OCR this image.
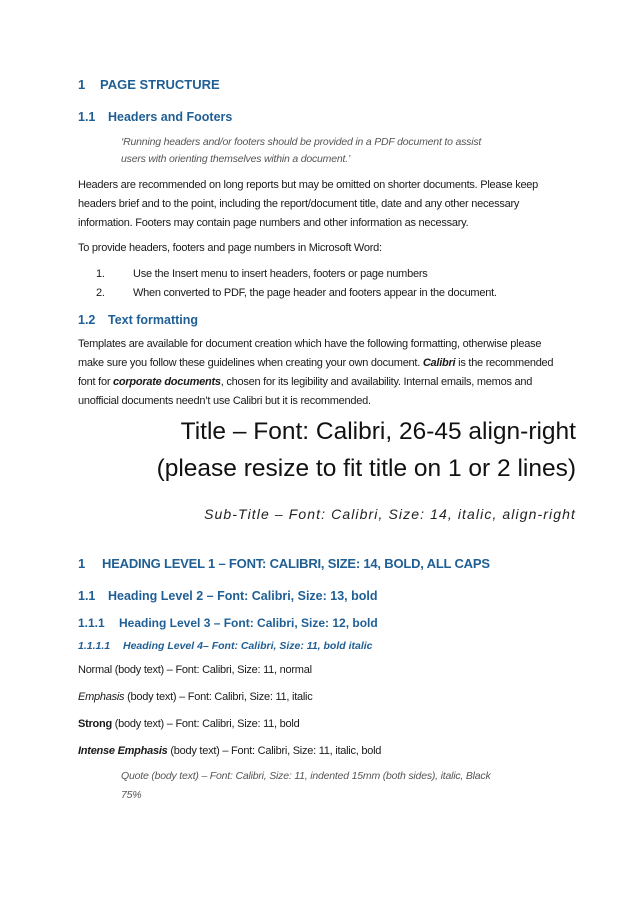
1 PAGE STRUCTURE
1.1 Headers and Footers
‘Running headers and/or footers should be provided in a PDF document to assist
users with orienting themselves within a document.’
Headers are recommended on long reports but may be omitted on shorter documents. Please keep
headers brief and to the point, including the report/document title, date and any other necessary
information. Footers may contain page numbers and other information as necessary.
To provide headers, footers and page numbers in Microsoft Word:
1.	Use the Insert menu to insert headers, footers or page numbers
2.	When converted to PDF, the page header and footers appear in the document.
1.2 Text formatting
Templates are available for document creation which have the following formatting, otherwise please
make sure you follow these guidelines when creating your own document. Calibri is the recommended
font for corporate documents, chosen for its legibility and availability. Internal emails, memos and
unofficial documents needn’t use Calibri but it is recommended.
Title – Font: Calibri, 26-45 align-right
(please resize to fit title on 1 or 2 lines)
Sub-Title – Font: Calibri, Size: 14, italic, align-right
1 HEADING LEVEL 1 – FONT: CALIBRI, SIZE: 14, BOLD, ALL CAPS
1.1 Heading Level 2 – Font: Calibri, Size: 13, bold
1.1.1 Heading Level 3 – Font: Calibri, Size: 12, bold
1.1.1.1 Heading Level 4– Font: Calibri, Size: 11, bold italic
Normal (body text) – Font: Calibri, Size: 11, normal
Emphasis (body text) – Font: Calibri, Size: 11, italic
Strong (body text) – Font: Calibri, Size: 11, bold
Intense Emphasis (body text) – Font: Calibri, Size: 11, italic, bold
Quote (body text) – Font: Calibri, Size: 11, indented 15mm (both sides), italic, Black
75%
